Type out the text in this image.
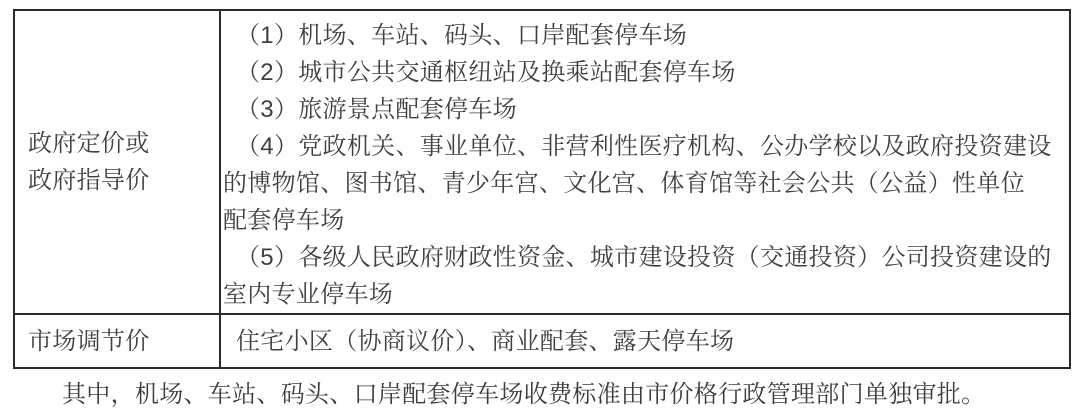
政府定价或
政府指导价
（1）机场、车站、码头、口岸配套停车场
（2）城市公共交通枢纽站及换乘站配套停车场
（3）旅游景点配套停车场
（4）党政机关、事业单位、非营利性医疗机构、公办学校以及政府投资建设
的博物馆、图书馆、青少年宫、文化宫、体育馆等社会公共（公益）性单位
配套停车场
（5）各级人民政府财政性资金、城市建设投资（交通投资）公司投资建设的
室内专业停车场
市场调节价	住宅小区（协商议价）、商业配套、露天停车场
其中，机场、车站、码头、口岸配套停车场收费标准由市价格行政管理部门单独审批。
